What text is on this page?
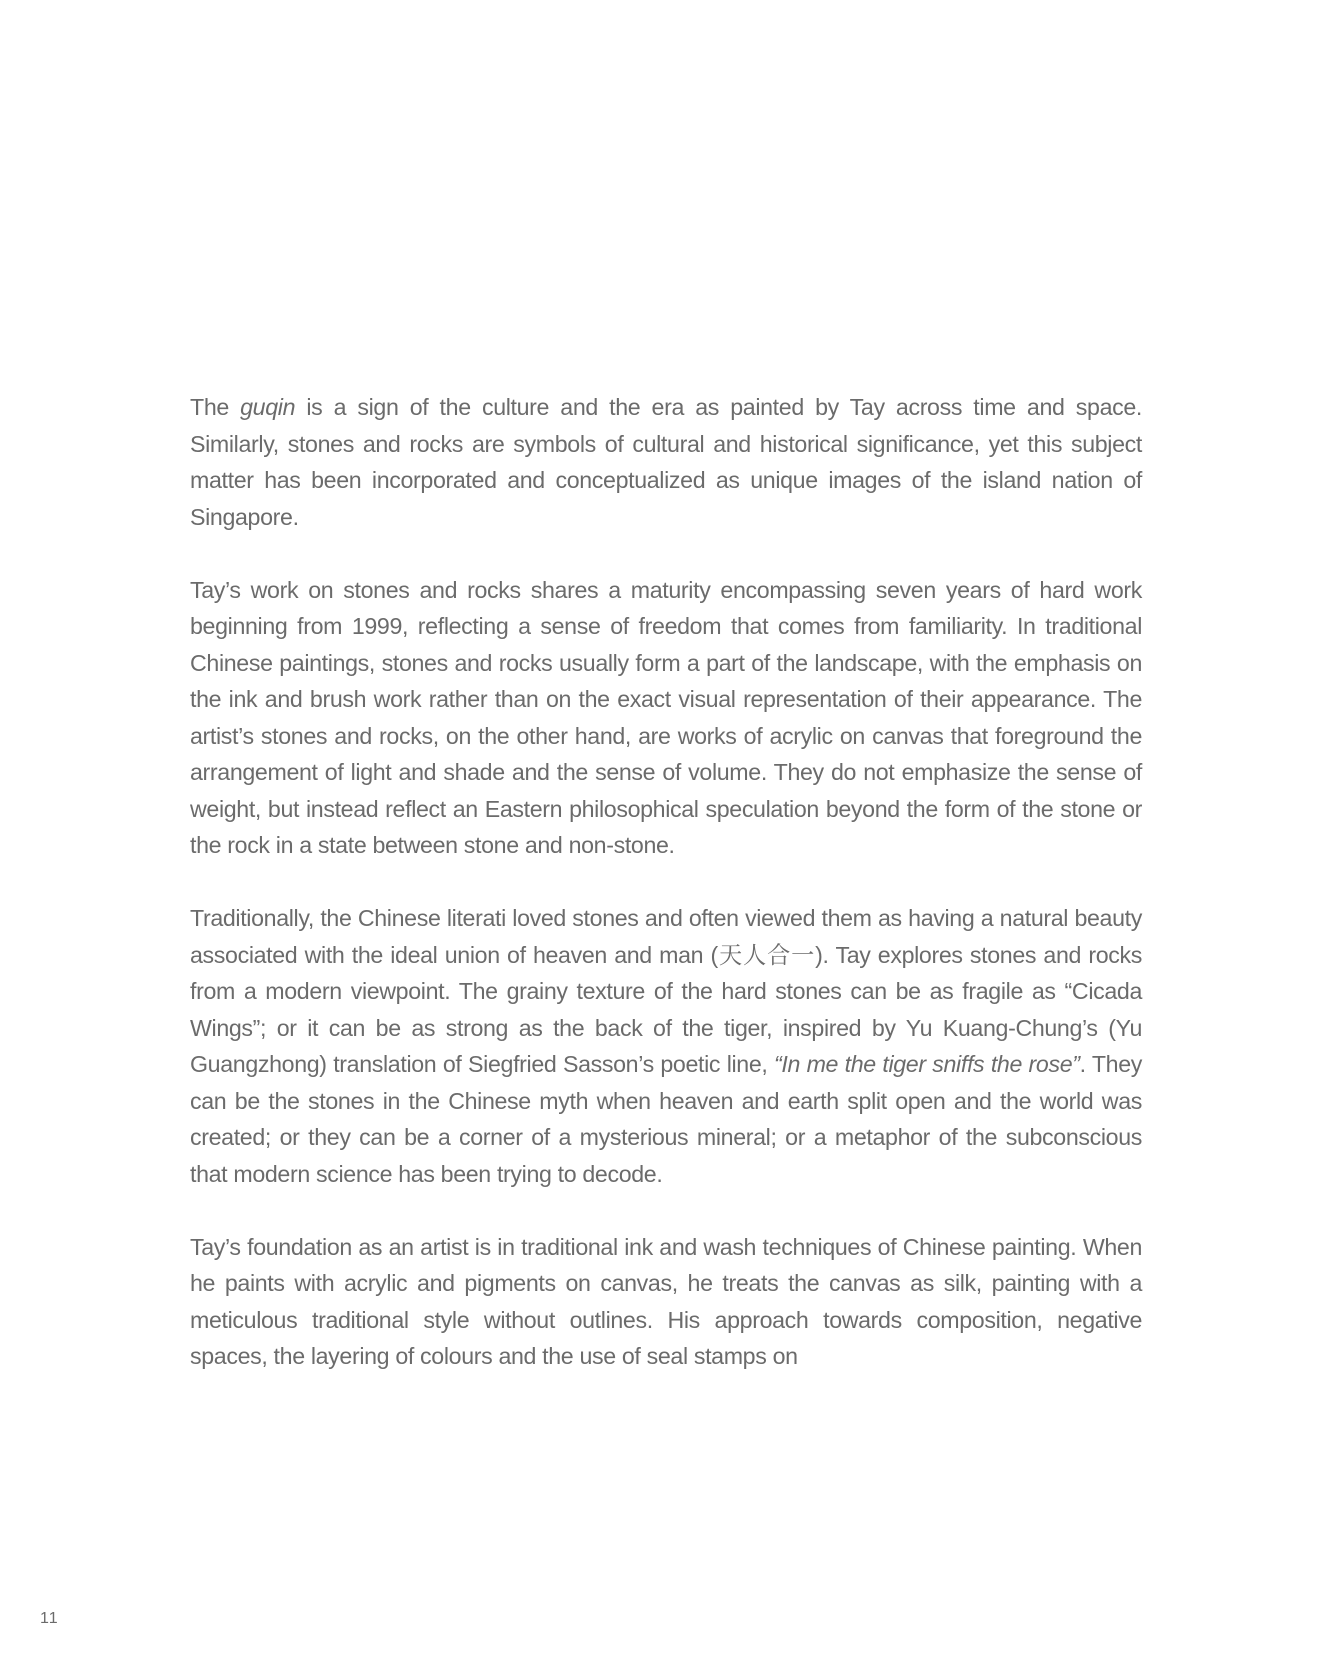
The guqin is a sign of the culture and the era as painted by Tay across time and space. Similarly, stones and rocks are symbols of cultural and historical significance, yet this subject matter has been incorporated and conceptualized as unique images of the island nation of Singapore.

Tay’s work on stones and rocks shares a maturity encompassing seven years of hard work beginning from 1999, reflecting a sense of freedom that comes from familiarity. In traditional Chinese paintings, stones and rocks usually form a part of the landscape, with the emphasis on the ink and brush work rather than on the exact visual representation of their appearance. The artist’s stones and rocks, on the other hand, are works of acrylic on canvas that foreground the arrangement of light and shade and the sense of volume. They do not emphasize the sense of weight, but instead reflect an Eastern philosophical speculation beyond the form of the stone or the rock in a state between stone and non-stone.

Traditionally, the Chinese literati loved stones and often viewed them as having a natural beauty associated with the ideal union of heaven and man (天人合一). Tay explores stones and rocks from a modern viewpoint. The grainy texture of the hard stones can be as fragile as “Cicada Wings”; or it can be as strong as the back of the tiger, inspired by Yu Kuang-Chung’s (Yu Guangzhong) translation of Siegfried Sasson’s poetic line, “In me the tiger sniffs the rose”. They can be the stones in the Chinese myth when heaven and earth split open and the world was created; or they can be a corner of a mysterious mineral; or a metaphor of the subconscious that modern science has been trying to decode.

Tay’s foundation as an artist is in traditional ink and wash techniques of Chinese painting. When he paints with acrylic and pigments on canvas, he treats the canvas as silk, painting with a meticulous traditional style without outlines. His approach towards composition, negative spaces, the layering of colours and the use of seal stamps on

11
